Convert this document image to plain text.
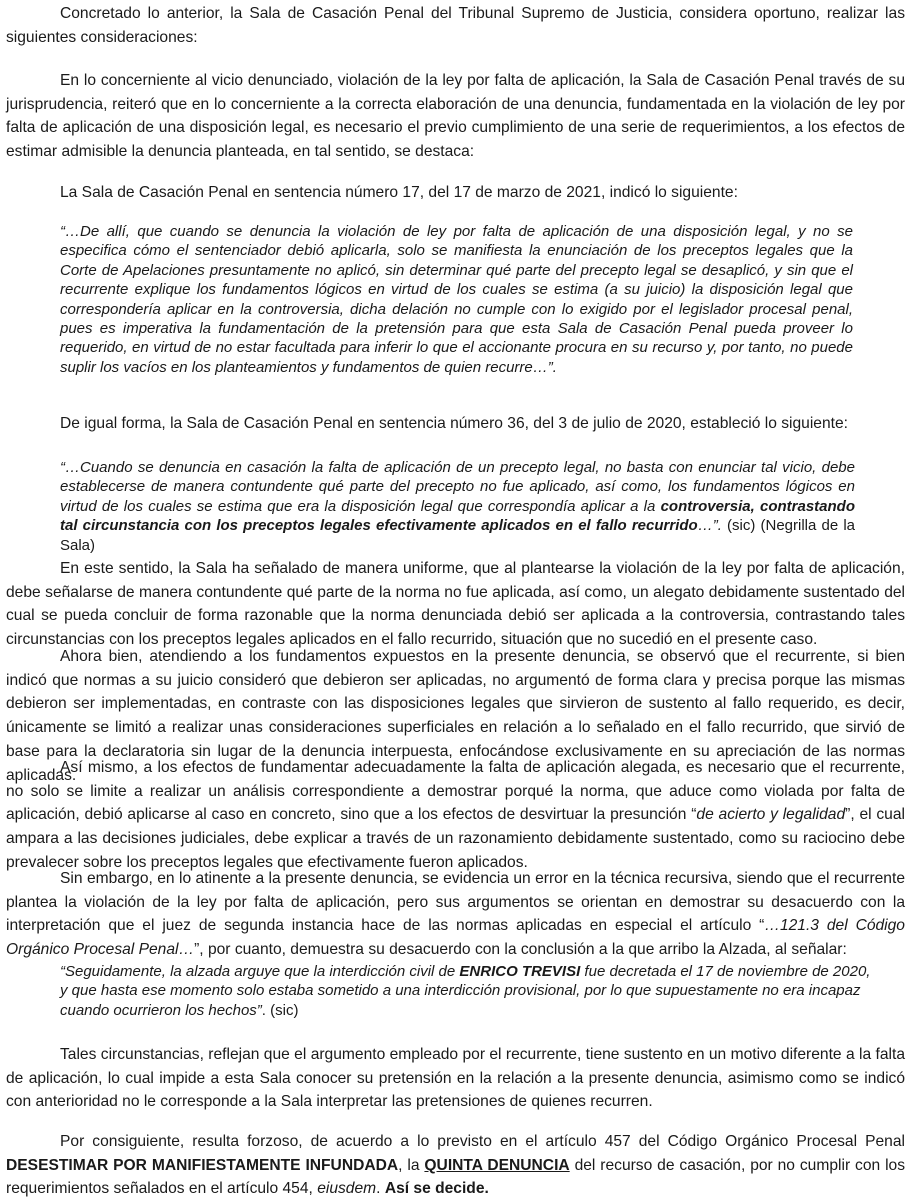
Concretado lo anterior, la Sala de Casación Penal del Tribunal Supremo de Justicia, considera oportuno, realizar las siguientes consideraciones:

En lo concerniente al vicio denunciado, violación de la ley por falta de aplicación, la Sala de Casación Penal través de su jurisprudencia, reiteró que en lo concerniente a la correcta elaboración de una denuncia, fundamentada en la violación de ley por falta de aplicación de una disposición legal, es necesario el previo cumplimiento de una serie de requerimientos, a los efectos de estimar admisible la denuncia planteada, en tal sentido, se destaca:

La Sala de Casación Penal en sentencia número 17, del 17 de marzo de 2021, indicó lo siguiente:

“…De allí, que cuando se denuncia la violación de ley por falta de aplicación de una disposición legal, y no se especifica cómo el sentenciador debió aplicarla, solo se manifiesta la enunciación de los preceptos legales que la Corte de Apelaciones presuntamente no aplicó, sin determinar qué parte del precepto legal se desaplicó, y sin que el recurrente explique los fundamentos lógicos en virtud de los cuales se estima (a su juicio) la disposición legal que correspondería aplicar en la controversia, dicha delación no cumple con lo exigido por el legislador procesal penal, pues es imperativa la fundamentación de la pretensión para que esta Sala de Casación Penal pueda proveer lo requerido, en virtud de no estar facultada para inferir lo que el accionante procura en su recurso y, por tanto, no puede suplir los vacíos en los planteamientos y fundamentos de quien recurre…”.

De igual forma, la Sala de Casación Penal en sentencia número 36, del 3 de julio de 2020, estableció lo siguiente:

“…Cuando se denuncia en casación la falta de aplicación de un precepto legal, no basta con enunciar tal vicio, debe establecerse de manera contundente qué parte del precepto no fue aplicado, así como, los fundamentos lógicos en virtud de los cuales se estima que era la disposición legal que correspondía aplicar a la controversia, contrastando tal circunstancia con los preceptos legales efectivamente aplicados en el fallo recurrido…”. (sic) (Negrilla de la Sala)

En este sentido, la Sala ha señalado de manera uniforme, que al plantearse la violación de la ley por falta de aplicación, debe señalarse de manera contundente qué parte de la norma no fue aplicada, así como, un alegato debidamente sustentado del cual se pueda concluir de forma razonable que la norma denunciada debió ser aplicada a la controversia, contrastando tales circunstancias con los preceptos legales aplicados en el fallo recurrido, situación que no sucedió en el presente caso.

Ahora bien, atendiendo a los fundamentos expuestos en la presente denuncia, se observó que el recurrente, si bien indicó que normas a su juicio consideró que debieron ser aplicadas, no argumentó de forma clara y precisa porque las mismas debieron ser implementadas, en contraste con las disposiciones legales que sirvieron de sustento al fallo requerido, es decir, únicamente se limitó a realizar unas consideraciones superficiales en relación a lo señalado en el fallo recurrido, que sirvió de base para la declaratoria sin lugar de la denuncia interpuesta, enfocándose exclusivamente en su apreciación de las normas aplicadas.

Así mismo, a los efectos de fundamentar adecuadamente la falta de aplicación alegada, es necesario que el recurrente, no solo se limite a realizar un análisis correspondiente a demostrar porqué la norma, que aduce como violada por falta de aplicación, debió aplicarse al caso en concreto, sino que a los efectos de desvirtuar la presunción “de acierto y legalidad”, el cual ampara a las decisiones judiciales, debe explicar a través de un razonamiento debidamente sustentado, como su raciocino debe prevalecer sobre los preceptos legales que efectivamente fueron aplicados.

Sin embargo, en lo atinente a la presente denuncia, se evidencia un error en la técnica recursiva, siendo que el recurrente plantea la violación de la ley por falta de aplicación, pero sus argumentos se orientan en demostrar su desacuerdo con la interpretación que el juez de segunda instancia hace de las normas aplicadas en especial el artículo “…121.3 del Código Orgánico Procesal Penal…”, por cuanto, demuestra su desacuerdo con la conclusión a la que arribo la Alzada, al señalar:

“Seguidamente, la alzada arguye que la interdicción civil de ENRICO TREVISI fue decretada el 17 de noviembre de 2020, y que hasta ese momento solo estaba sometido a una interdicción provisional, por lo que supuestamente no era incapaz cuando ocurrieron los hechos”. (sic)

Tales circunstancias, reflejan que el argumento empleado por el recurrente, tiene sustento en un motivo diferente a la falta de aplicación, lo cual impide a esta Sala conocer su pretensión en la relación a la presente denuncia, asimismo como se indicó con anterioridad no le corresponde a la Sala interpretar las pretensiones de quienes recurren.

Por consiguiente, resulta forzoso, de acuerdo a lo previsto en el artículo 457 del Código Orgánico Procesal Penal DESESTIMAR POR MANIFIESTAMENTE INFUNDADA, la QUINTA DENUNCIA del recurso de casación, por no cumplir con los requerimientos señalados en el artículo 454, eiusdem. Así se decide.
